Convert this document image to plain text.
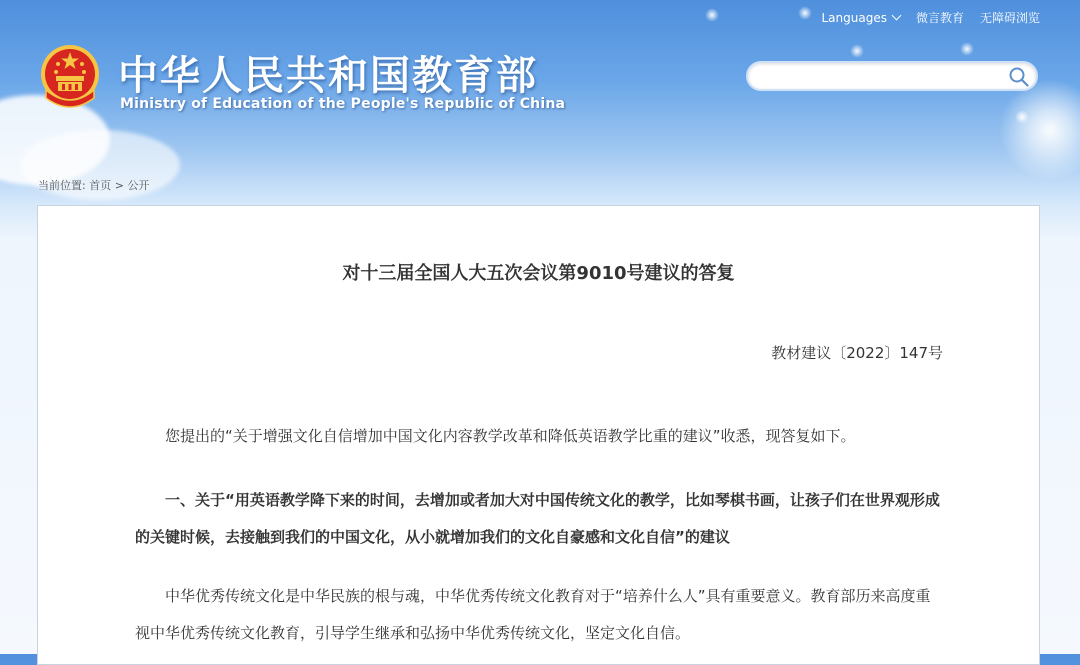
Languages 微言教育 无障碍浏览
中华人民共和国教育部
Ministry of Education of the People's Republic of China
当前位置: 首页 > 公开
对十三届全国人大五次会议第9010号建议的答复
教材建议〔2022〕147号
您提出的“关于增强文化自信增加中国文化内容教学改革和降低英语教学比重的建议”收悉，现答复如下。
一、关于“用英语教学降下来的时间，去增加或者加大对中国传统文化的教学，比如琴棋书画，让孩子们在世界观形成的关键时候，去接触到我们的中国文化，从小就增加我们的文化自豪感和文化自信”的建议
中华优秀传统文化是中华民族的根与魂，中华优秀传统文化教育对于“培养什么人”具有重要意义。教育部历来高度重视中华优秀传统文化教育，引导学生继承和弘扬中华优秀传统文化，坚定文化自信。
